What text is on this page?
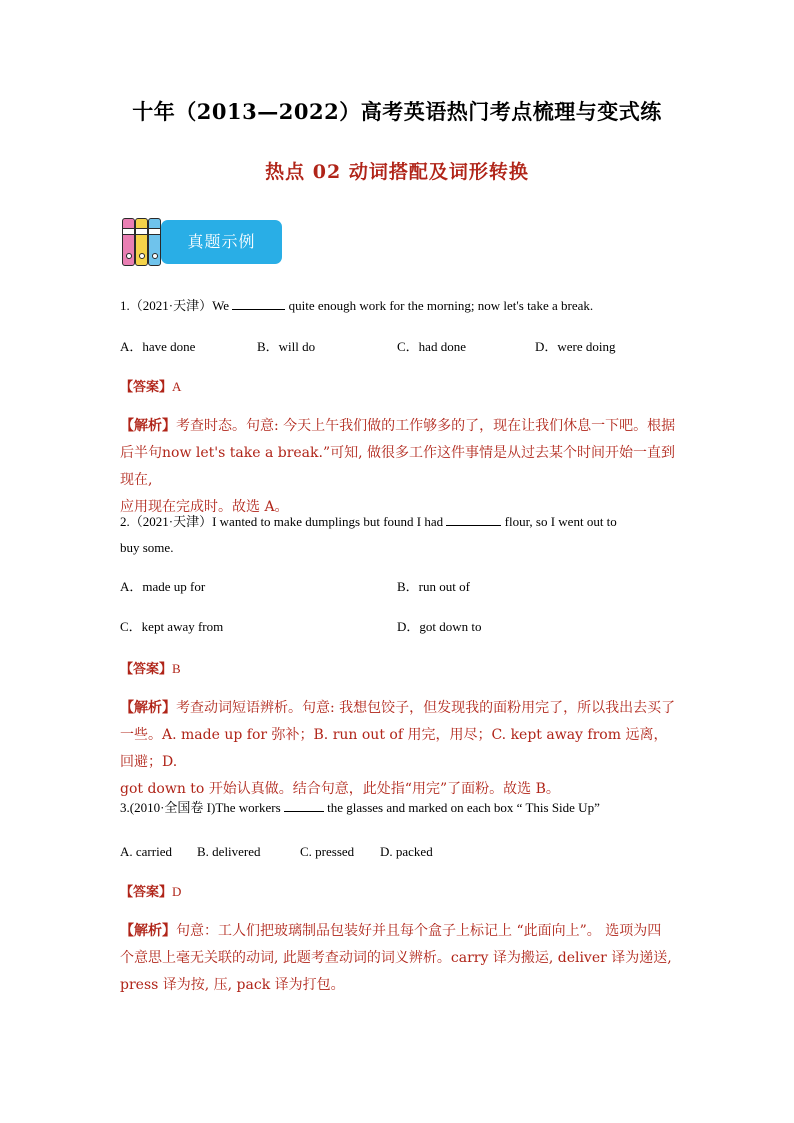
十年（2013—2022）高考英语热门考点梳理与变式练
热点 02 动词搭配及词形转换
真题示例
1.（2021·天津）We	quite enough work for the morning; now let's take a break.
A．have done	B．will do	C．had done	D．were doing
【答案】A
【解析】考查时态。句意: 今天上午我们做的工作够多的了，现在让我们休息一下吧。根据
后半句now let's take a break.”可知, 做很多工作这件事情是从过去某个时间开始一直到现在,
应用现在完成时。故选 A。
2.（2021·天津）I wanted to make dumplings but found I had	flour, so I went out to
buy some.
A．made up for	B．run out of
C．kept away from	D．got down to
【答案】B
【解析】考查动词短语辨析。句意: 我想包饺子，但发现我的面粉用完了，所以我出去买了
一些。A. made up for 弥补；B. run out of 用完，用尽；C. kept away from 远离，回避；D.
got down to 开始认真做。结合句意，此处指“用完”了面粉。故选 B。
3.(2010·全国卷 I)The workers	the glasses and marked on each box “ This Side Up”
A. carried B. delivered	C. pressed D. packed
【答案】D
【解析】句意：工人们把玻璃制品包装好并且每个盒子上标记上 “此面向上”。 选项为四
个意思上毫无关联的动词, 此题考查动词的词义辨析。carry 译为搬运, deliver 译为递送,
press 译为按, 压, pack 译为打包。
